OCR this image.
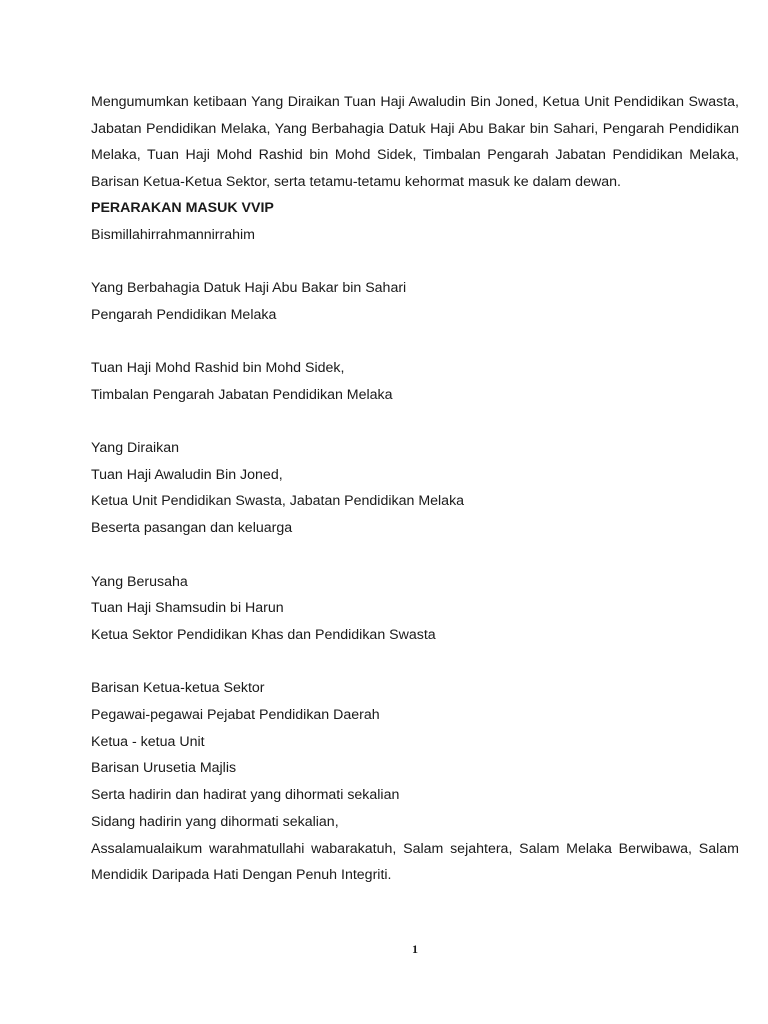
Mengumumkan ketibaan Yang Diraikan Tuan Haji Awaludin Bin Joned, Ketua Unit Pendidikan Swasta, Jabatan Pendidikan Melaka, Yang Berbahagia Datuk Haji Abu Bakar bin Sahari, Pengarah Pendidikan Melaka, Tuan Haji Mohd Rashid bin Mohd Sidek, Timbalan Pengarah Jabatan Pendidikan Melaka, Barisan Ketua-Ketua Sektor, serta tetamu-tetamu kehormat masuk ke dalam dewan.

PERARAKAN MASUK VVIP

Bismillahirrahmannirrahim

Yang Berbahagia Datuk Haji Abu Bakar bin Sahari

Pengarah Pendidikan Melaka

Tuan Haji Mohd Rashid bin Mohd Sidek,

Timbalan Pengarah Jabatan Pendidikan Melaka

Yang Diraikan

Tuan Haji Awaludin Bin Joned,

Ketua Unit Pendidikan Swasta, Jabatan Pendidikan Melaka

Beserta pasangan dan keluarga

Yang Berusaha

Tuan Haji Shamsudin bi Harun

Ketua Sektor Pendidikan Khas dan Pendidikan Swasta

Barisan Ketua-ketua Sektor

Pegawai-pegawai Pejabat Pendidikan Daerah

Ketua - ketua Unit

Barisan Urusetia Majlis

Serta hadirin dan hadirat yang dihormati sekalian

Sidang hadirin yang dihormati sekalian,

Assalamualaikum warahmatullahi wabarakatuh, Salam sejahtera, Salam Melaka Berwibawa, Salam Mendidik Daripada Hati Dengan Penuh Integriti.

1
